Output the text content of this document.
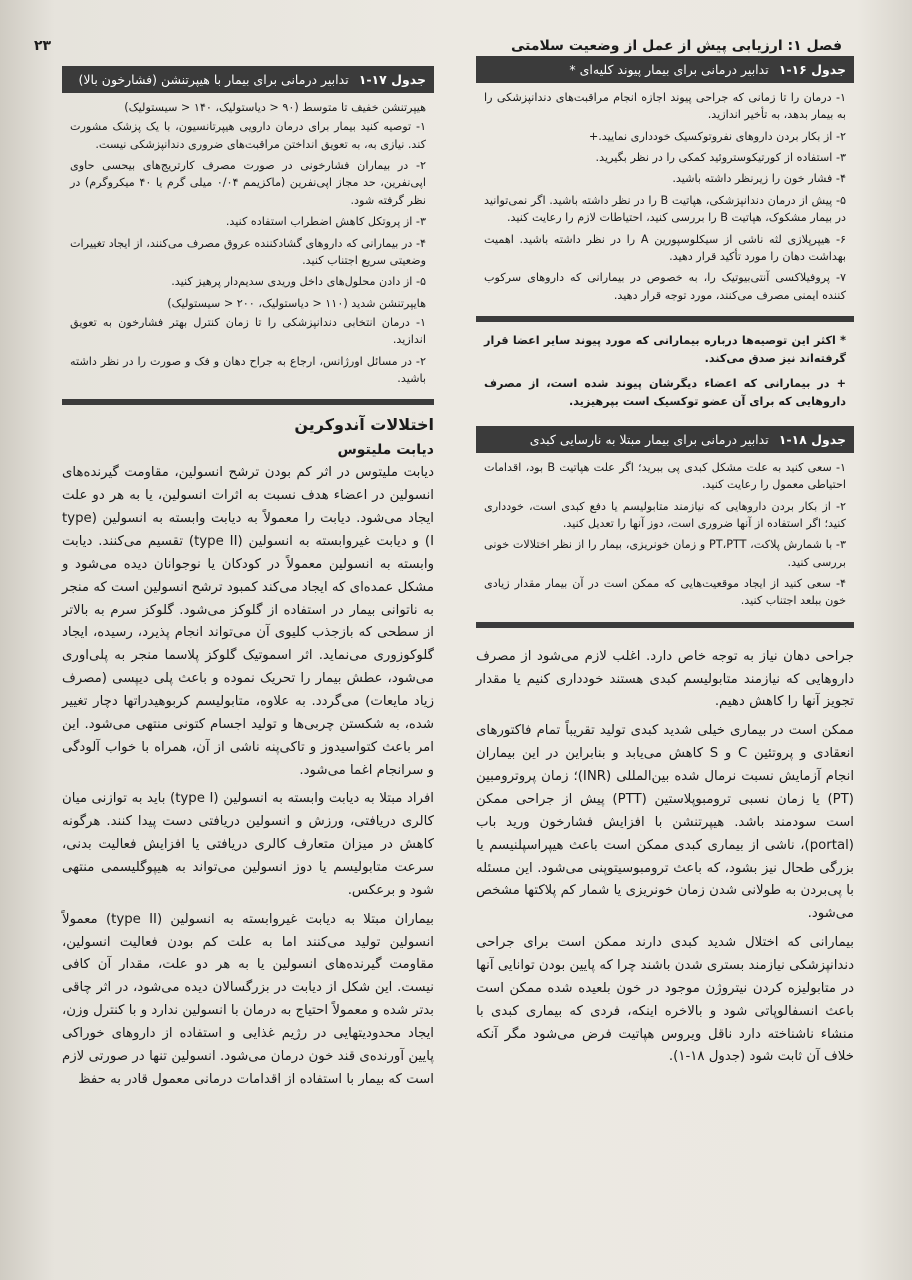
فصل ۱: ارزیابی پیش از عمل از وضعیت سلامتی
۲۳
جدول ۱۶-۱
تدابیر درمانی برای بیمار پیوند کلیه‌ای *

۱- درمان را تا زمانی که جراحی پیوند اجازه انجام مراقبت‌های دندانپزشکی را به بیمار بدهد، به تأخیر اندازید.

۲- از بکار بردن داروهای نفروتوکسیک خودداری نمایید.+

۳- استفاده از کورتیکوستروئید کمکی را در نظر بگیرید.

۴- فشار خون را زیرنظر داشته باشید.

۵- پیش از درمان دندانپزشکی، هپاتیت B را در نظر داشته باشید. اگر نمی‌توانید در بیمار مشکوک، هپاتیت B را بررسی کنید، احتیاطات لازم را رعایت کنید.

۶- هیپرپلازی لثه ناشی از سیکلوسپورین A را در نظر داشته باشید. اهمیت بهداشت دهان را مورد تأکید قرار دهید.

۷- پروفیلاکسی آنتی‌بیوتیک را، به خصوص در بیمارانی که داروهای سرکوب کننده ایمنی مصرف می‌کنند، مورد توجه قرار دهید.

* اکثر این توصیه‌ها درباره بیمارانی که مورد پیوند سایر اعضا قرار گرفته‌اند نیز صدق می‌کند.

+ در بیمارانی که اعضاء دیگرشان پیوند شده است، از مصرف داروهایی که برای آن عضو توکسیک است بپرهیزید.

جدول ۱۸-۱
تدابیر درمانی برای بیمار مبتلا به نارسایی کبدی

۱- سعی کنید به علت مشکل کبدی پی ببرید؛ اگر علت هپاتیت B بود، اقدامات احتیاطی معمول را رعایت کنید.

۲- از بکار بردن داروهایی که نیازمند متابولیسم یا دفع کبدی است، خودداری کنید؛ اگر استفاده از آنها ضروری است، دوز آنها را تعدیل کنید.

۳- با شمارش پلاکت، PT،PTT و زمان خونریزی، بیمار را از نظر اختلالات خونی بررسی کنید.

۴- سعی کنید از ایجاد موقعیت‌هایی که ممکن است در آن بیمار مقدار زیادی خون ببلعد اجتناب کنید.

جراحی دهان نیاز به توجه خاص دارد. اغلب لازم می‌شود از مصرف داروهایی که نیازمند متابولیسم کبدی هستند خودداری کنیم یا مقدار تجویز آنها را کاهش دهیم.

ممکن است در بیماری خیلی شدید کبدی تولید تقریباً تمام فاکتورهای انعقادی و پروتئین C و S کاهش می‌یابد و بنابراین در این بیماران انجام آزمایش نسبت نرمال شده بین‌المللی (INR)؛ زمان پروترومبین (PT) یا زمان نسبی ترومبوپلاستین (PTT) پیش از جراحی ممکن است سودمند باشد. هیپرتنشن با افزایش فشارخون ورید باب (portal)، ناشی از بیماری کبدی ممکن است باعث هیپراسپلنیسم یا بزرگی طحال نیز بشود، که باعث ترومبوسیتوپنی می‌شود. این مسئله با پی‌بردن به طولانی شدن زمان خونریزی یا شمار کم پلاکتها مشخص می‌شود.

بیمارانی که اختلال شدید کبدی دارند ممکن است برای جراحی دندانپزشکی نیازمند بستری شدن باشند چرا که پایین بودن توانایی آنها در متابولیزه کردن نیتروژن موجود در خون بلعیده شده ممکن است باعث انسفالوپاتی شود و بالاخره اینکه، فردی که بیماری کبدی با منشاء ناشناخته دارد ناقل ویروس هپاتیت فرض می‌شود مگر آنکه خلاف آن ثابت شود (جدول ۱۸-۱).

جدول ۱۷-۱
تدابیر درمانی برای بیمار با هیپرتنشن (فشارخون بالا)

هیپرتنشن خفیف تا متوسط (۹۰ < دیاستولیک، ۱۴۰ < سیستولیک)

۱- توصیه کنید بیمار برای درمان دارویی هیپرتانسیون، با یک پزشک مشورت کند. نیازی به، به تعویق انداختن مراقبت‌های ضروری دندانپزشکی نیست.

۲- در بیماران فشارخونی در صورت مصرف کارتریج‌های بیحسی حاوی اپی‌نفرین، حد مجاز اپی‌نفرین (ماکزیمم ۰/۰۴ میلی گرم یا ۴۰ میکروگرم) در نظر گرفته شود.

۳- از پروتکل کاهش اضطراب استفاده کنید.

۴- در بیمارانی که داروهای گشادکننده عروق مصرف می‌کنند، از ایجاد تغییرات وضعیتی سریع اجتناب کنید.

۵- از دادن محلول‌های داخل وریدی سدیم‌دار پرهیز کنید.

هایپرتنشن شدید (۱۱۰ < دیاستولیک، ۲۰۰ < سیستولیک)

۱- درمان انتخابی دندانپزشکی را تا زمان کنترل بهتر فشارخون به تعویق اندازید.

۲- در مسائل اورژانس، ارجاع به جراح دهان و فک و صورت را در نظر داشته باشید.

اختلالات آندوکرین
دیابت ملیتوس

دیابت ملیتوس در اثر کم بودن ترشح انسولین، مقاومت گیرنده‌های انسولین در اعضاء هدف نسبت به اثرات انسولین، یا به هر دو علت ایجاد می‌شود. دیابت را معمولاً به دیابت وابسته به انسولین (type I) و دیابت غیروابسته به انسولین (type II) تقسیم می‌کنند. دیابت وابسته به انسولین معمولاً در کودکان یا نوجوانان دیده می‌شود و مشکل عمده‌ای که ایجاد می‌کند کمبود ترشح انسولین است که منجر به ناتوانی بیمار در استفاده از گلوکز می‌شود. گلوکز سرم به بالاتر از سطحی که بازجذب کلیوی آن می‌تواند انجام پذیرد، رسیده، ایجاد گلوکوزوری می‌نماید. اثر اسموتیک گلوکز پلاسما منجر به پلی‌اوری می‌شود، عطش بیمار را تحریک نموده و باعث پلی دیپسی (مصرف زیاد مایعات) می‌گردد. به علاوه، متابولیسم کربوهیدراتها دچار تغییر شده، به شکستن چربی‌ها و تولید اجسام کتونی منتهی می‌شود. این امر باعث کتواسیدوز و تاکی‌پنه ناشی از آن، همراه با خواب آلودگی و سرانجام اغما می‌شود.

افراد مبتلا به دیابت وابسته به انسولین (type I) باید به توازنی میان کالری دریافتی، ورزش و انسولین دریافتی دست پیدا کنند. هرگونه کاهش در میزان متعارف کالری دریافتی یا افزایش فعالیت بدنی، سرعت متابولیسم یا دوز انسولین می‌تواند به هیپوگلیسمی منتهی شود و برعکس.

بیماران مبتلا به دیابت غیروابسته به انسولین (type II) معمولاً انسولین تولید می‌کنند اما به علت کم بودن فعالیت انسولین، مقاومت گیرنده‌های انسولین یا به هر دو علت، مقدار آن کافی نیست. این شکل از دیابت در بزرگسالان دیده می‌شود، در اثر چاقی بدتر شده و معمولاً احتیاج به درمان با انسولین ندارد و با کنترل وزن، ایجاد محدودیتهایی در رژیم غذایی و استفاده از داروهای خوراکی پایین آورنده‌ی قند خون درمان می‌شود. انسولین تنها در صورتی لازم است که بیمار با استفاده از اقدامات درمانی معمول قادر به حفظ
